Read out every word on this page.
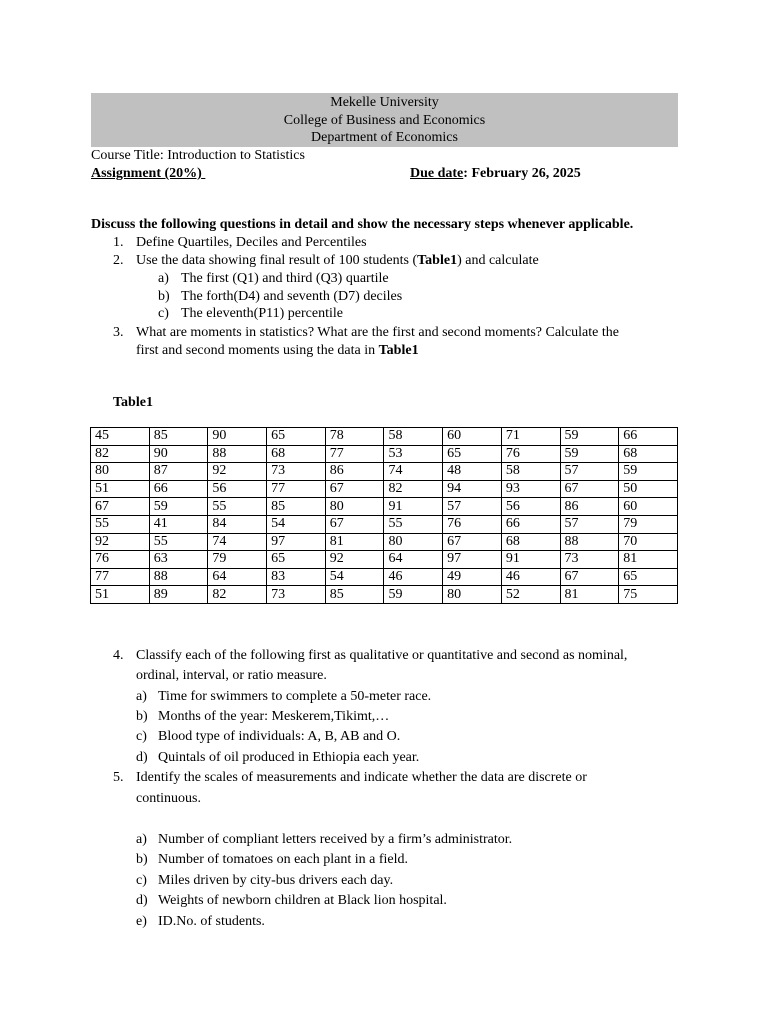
Mekelle University
College of Business and Economics
Department of Economics
Course Title: Introduction to Statistics
Assignment (20%)	Due date: February 26, 2025
Discuss the following questions in detail and show the necessary steps whenever applicable.
1. Define Quartiles, Deciles and Percentiles
2. Use the data showing final result of 100 students (Table1) and calculate
a) The first (Q1) and third (Q3) quartile
b) The forth(D4) and seventh (D7) deciles
c) The eleventh(P11) percentile
3. What are moments in statistics? What are the first and second moments? Calculate the
first and second moments using the data in Table1
Table1
45	85	90	65	78	58	60	71	59	66
82	90	88	68	77	53	65	76	59	68
80	87	92	73	86	74	48	58	57	59
51	66	56	77	67	82	94	93	67	50
67	59	55	85	80	91	57	56	86	60
55	41	84	54	67	55	76	66	57	79
92	55	74	97	81	80	67	68	88	70
76	63	79	65	92	64	97	91	73	81
77	88	64	83	54	46	49	46	67	65
51	89	82	73	85	59	80	52	81	75
4. Classify each of the following first as qualitative or quantitative and second as nominal,
ordinal, interval, or ratio measure.
a) Time for swimmers to complete a 50-meter race.
b) Months of the year: Meskerem,Tikimt,…
c) Blood type of individuals: A, B, AB and O.
d) Quintals of oil produced in Ethiopia each year.
5. Identify the scales of measurements and indicate whether the data are discrete or
continuous.
a) Number of compliant letters received by a firm’s administrator.
b) Number of tomatoes on each plant in a field.
c) Miles driven by city-bus drivers each day.
d) Weights of newborn children at Black lion hospital.
e) ID.No. of students.
